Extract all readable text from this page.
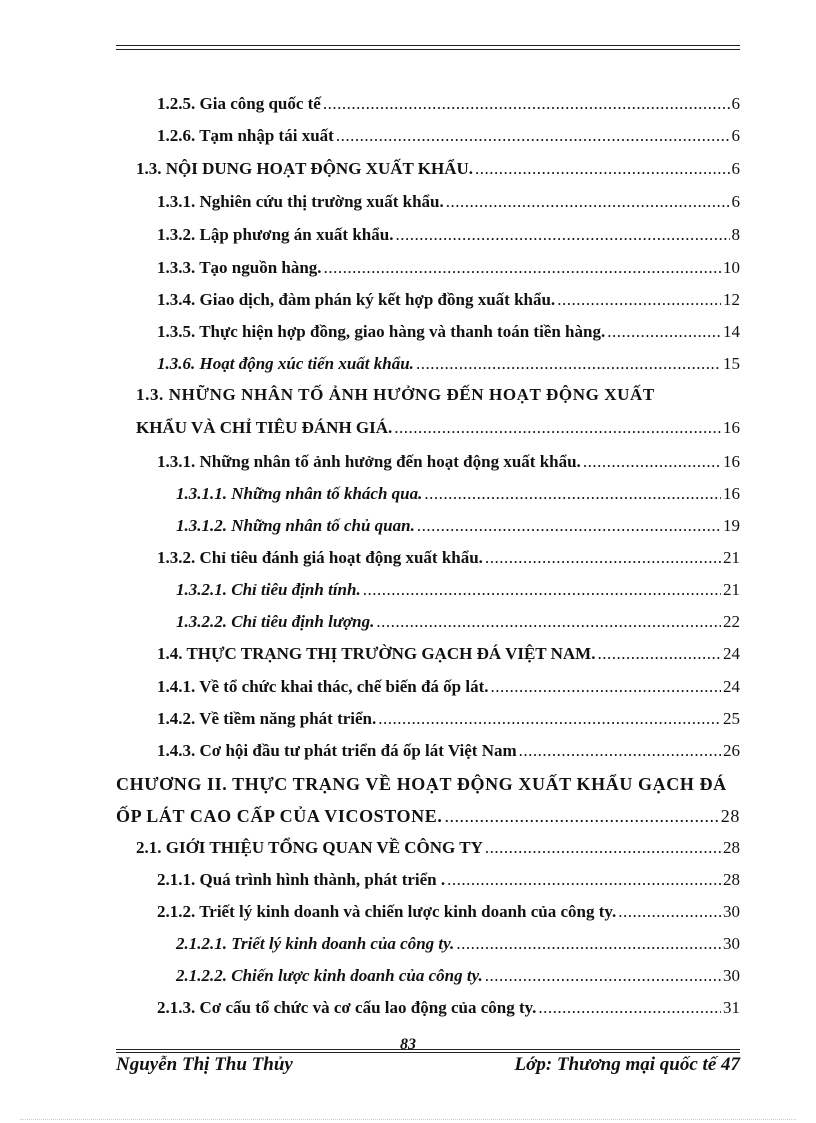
1.2.5. Gia công quốc tế .....	6
1.2.6. Tạm nhập tái xuất .....	6
1.3. NỘI DUNG HOẠT ĐỘNG XUẤT KHẨU. .....	6
1.3.1. Nghiên cứu thị trường xuất khẩu. .....	6
1.3.2. Lập phương án xuất khẩu. .....	8
1.3.3. Tạo nguồn hàng. .....	10
1.3.4. Giao dịch, đàm phán ký kết hợp đồng xuất khẩu. .....	12
1.3.5. Thực hiện hợp đồng, giao hàng và thanh toán tiền hàng. .....	14
1.3.6. Hoạt động xúc tiến xuất khẩu. .....	15
1.3. NHỮNG NHÂN TỐ ẢNH HƯỞNG ĐẾN HOẠT ĐỘNG XUẤT
KHẨU VÀ CHỈ TIÊU ĐÁNH GIÁ. .....	16
1.3.1. Những nhân tố ảnh hưởng đến hoạt động xuất khẩu. .....	16
1.3.1.1. Những nhân tố khách qua. .....	16
1.3.1.2. Những nhân tố chủ quan. .....	19
1.3.2. Chỉ tiêu đánh giá hoạt động xuất khẩu. .....	21
1.3.2.1. Chỉ tiêu định tính. .....	21
1.3.2.2. Chỉ tiêu định lượng. .....	22
1.4. THỰC TRẠNG THỊ TRƯỜNG GẠCH ĐÁ VIỆT NAM. .....	24
1.4.1. Về tổ chức khai thác, chế biến đá ốp lát. .....	24
1.4.2. Về tiềm năng phát triển. .....	25
1.4.3. Cơ hội đầu tư phát triển đá ốp lát Việt Nam .....	26
CHƯƠNG II. THỰC TRẠNG VỀ HOẠT ĐỘNG XUẤT KHẨU GẠCH ĐÁ
ỐP LÁT CAO CẤP CỦA VICOSTONE. .....	28
2.1. GIỚI THIỆU TỔNG QUAN VỀ CÔNG TY .....	28
2.1.1. Quá trình hình thành, phát triển . .....	28
2.1.2. Triết lý kinh doanh và chiến lược kinh doanh của công ty. .....	30
2.1.2.1. Triết lý kinh doanh của công ty. .....	30
2.1.2.2. Chiến lược kinh doanh của công ty. .....	30
2.1.3. Cơ cấu tổ chức và cơ cấu lao động của công ty. .....	31
83
Nguyễn Thị Thu Thủy	Lớp: Thương mại quốc tế 47
